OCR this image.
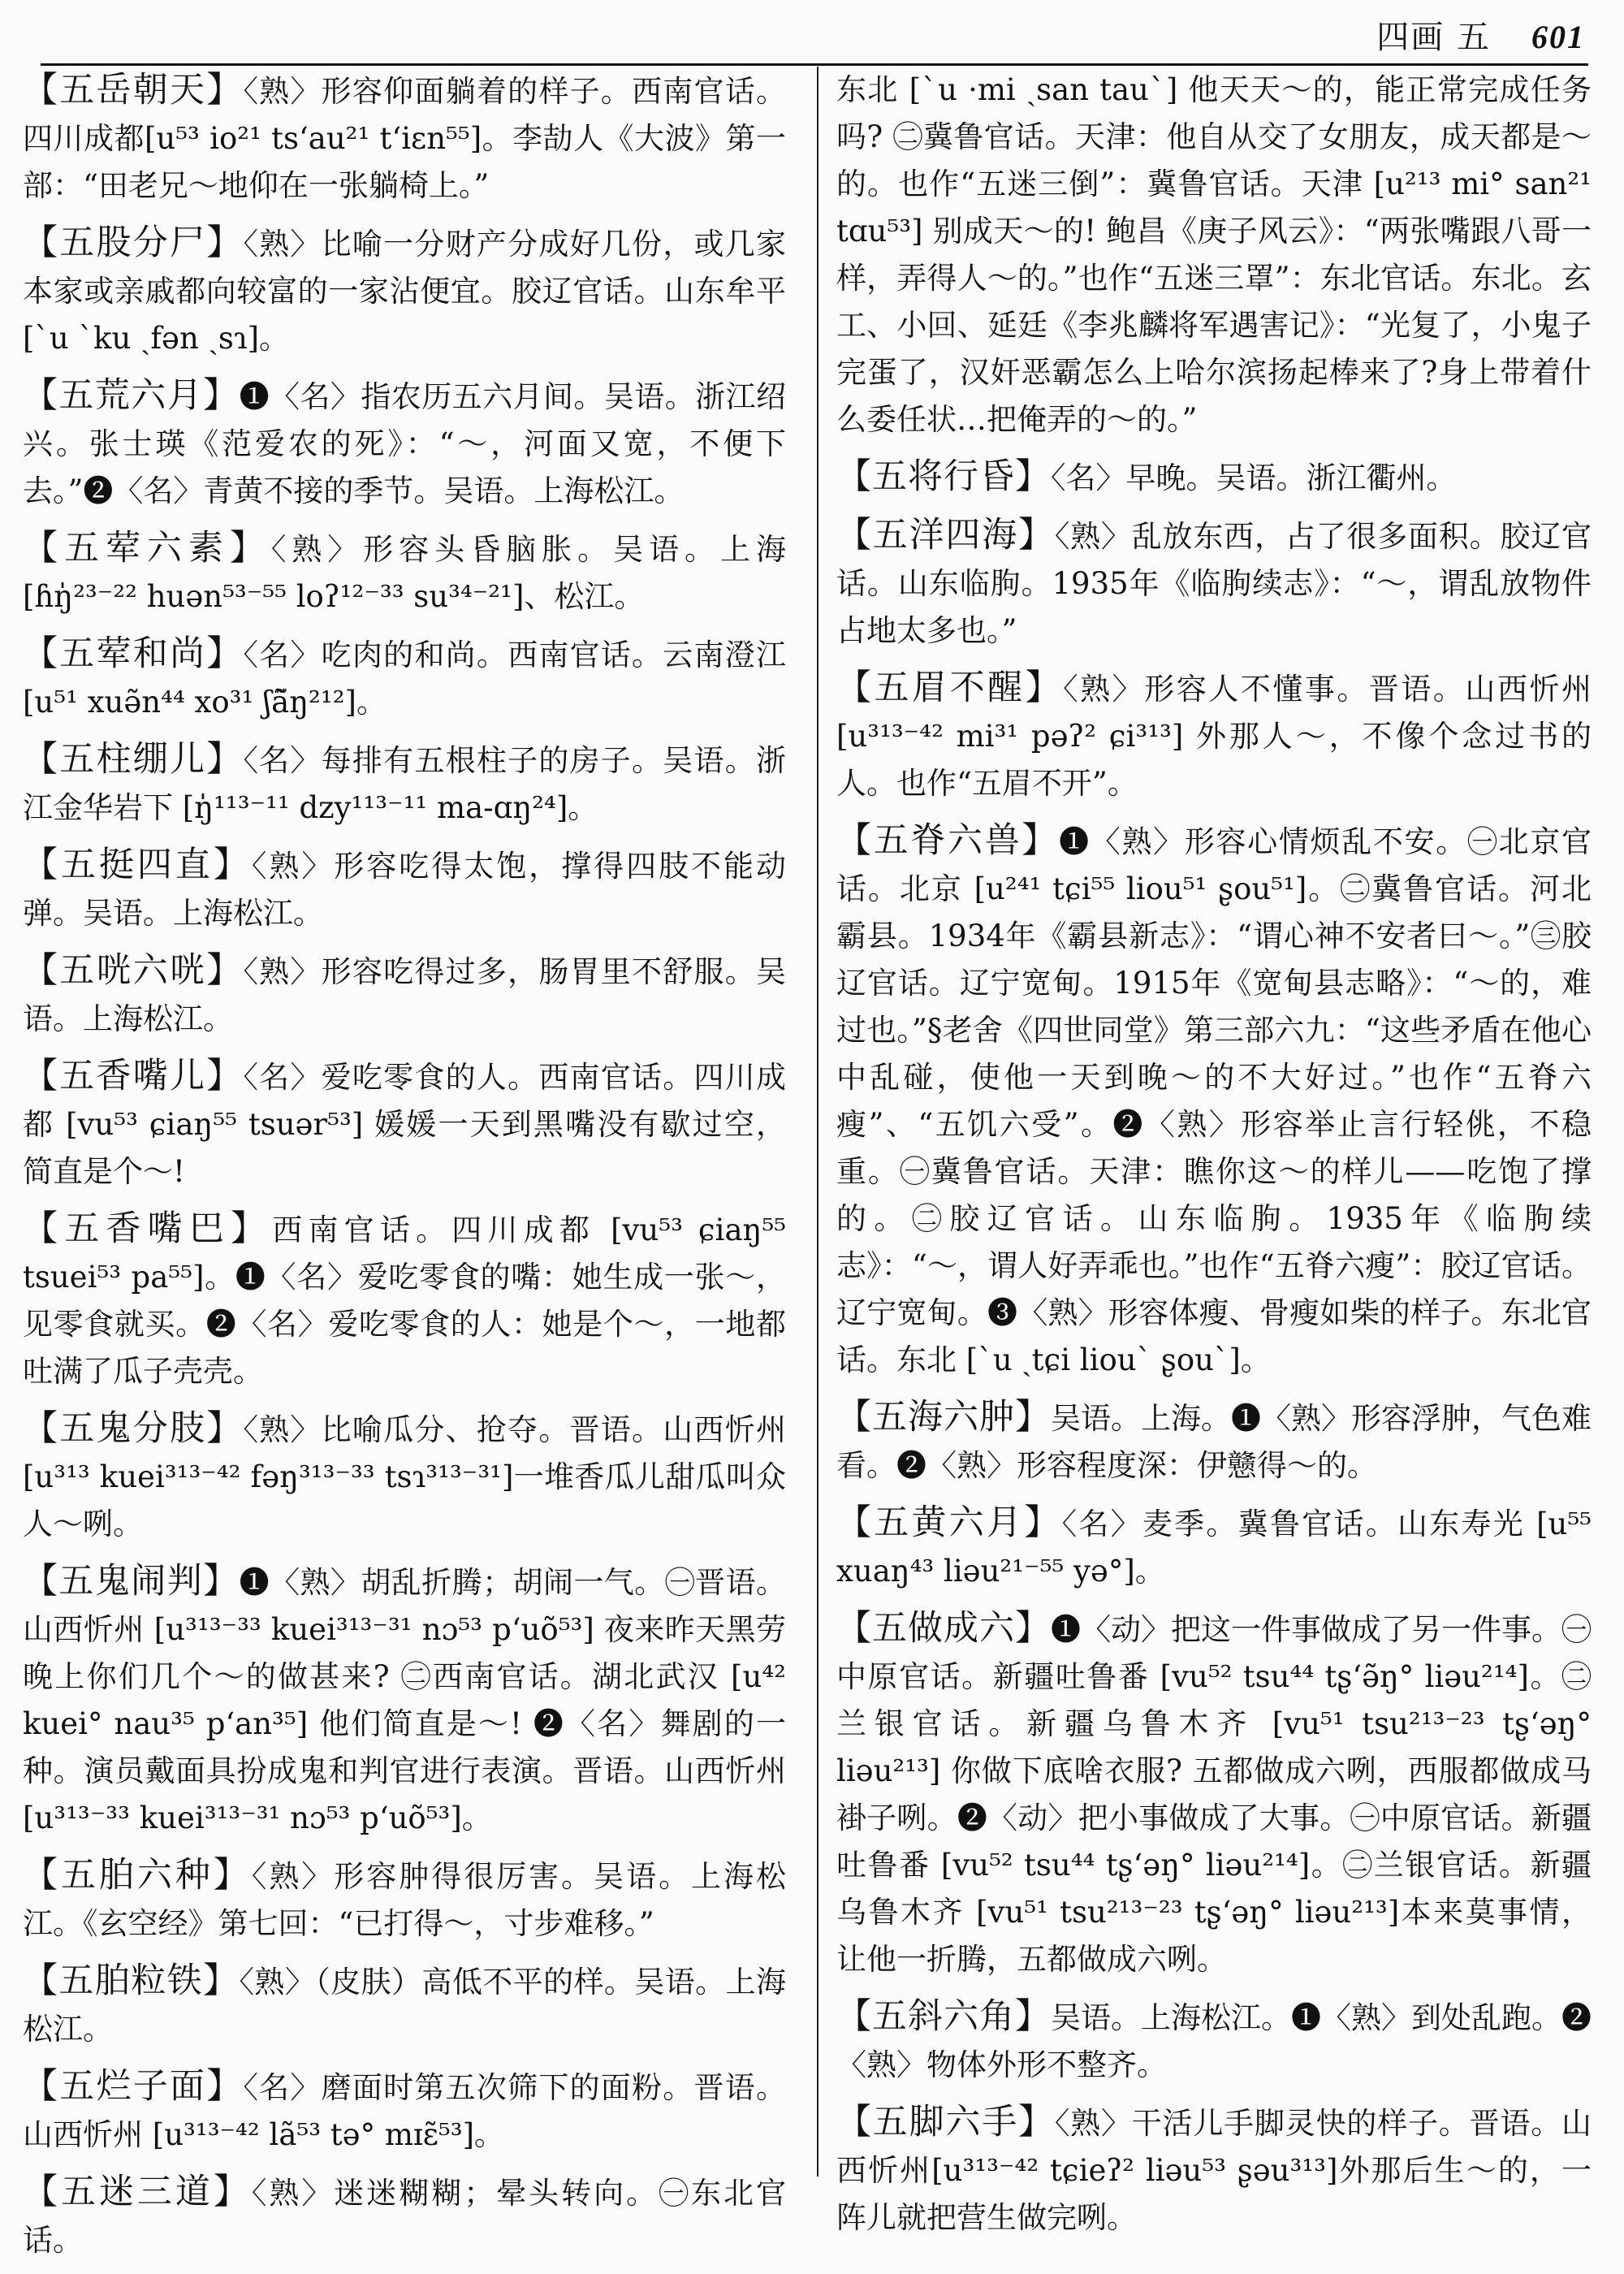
四画 五 601
【五岳朝天】〈熟〉形容仰面躺着的样子。西南官话。四川成都[u⁵³ io²¹ tsʻau²¹ tʻiɛn⁵⁵]。李劼人《大波》第一部：“田老兄～地仰在一张躺椅上。”
【五股分尸】〈熟〉比喻一分财产分成好几份，或几家本家或亲戚都向较富的一家沾便宜。胶辽官话。山东牟平 [ˋu ˋku ˏfən ˏsɿ]。
【五荒六月】❶〈名〉指农历五六月间。吴语。浙江绍兴。张士瑛《范爱农的死》：“～，河面又宽，不便下去。”❷〈名〉青黄不接的季节。吴语。上海松江。
【五荤六素】〈熟〉形容头昏脑胀。吴语。上海[ɦŋ̍²³⁻²² huən⁵³⁻⁵⁵ loʔ¹²⁻³³ su³⁴⁻²¹]、松江。
【五荤和尚】〈名〉吃肉的和尚。西南官话。云南澄江 [u⁵¹ xuə̃n⁴⁴ xo³¹ ʃã̃ŋ²¹²]。
【五柱绷儿】〈名〉每排有五根柱子的房子。吴语。浙江金华岩下 [ŋ̍¹¹³⁻¹¹ dzy¹¹³⁻¹¹ ma-ɑŋ²⁴]。
【五挺四直】〈熟〉形容吃得太饱，撑得四肢不能动弹。吴语。上海松江。
【五咣六咣】〈熟〉形容吃得过多，肠胃里不舒服。吴语。上海松江。
【五香嘴儿】〈名〉爱吃零食的人。西南官话。四川成都 [vu⁵³ ɕiaŋ⁵⁵ tsuər⁵³] 媛媛一天到黑嘴没有歇过空，简直是个～!
【五香嘴巴】西南官话。四川成都 [vu⁵³ ɕiaŋ⁵⁵ tsuei⁵³ pa⁵⁵]。❶〈名〉爱吃零食的嘴：她生成一张～，见零食就买。❷〈名〉爱吃零食的人：她是个～，一地都吐满了瓜子壳壳。
【五鬼分肢】〈熟〉比喻瓜分、抢夺。晋语。山西忻州 [u³¹³ kuei³¹³⁻⁴² fəŋ³¹³⁻³³ tsɿ³¹³⁻³¹]一堆香瓜儿甜瓜叫众人～咧。
【五鬼闹判】❶〈熟〉胡乱折腾；胡闹一气。㊀晋语。山西忻州 [u³¹³⁻³³ kuei³¹³⁻³¹ nɔ⁵³ pʻuõ⁵³] 夜来昨天黑劳晚上你们几个～的做甚来? ㊁西南官话。湖北武汉 [u⁴² kuei° nau³⁵ pʻan³⁵] 他们简直是～! ❷〈名〉舞剧的一种。演员戴面具扮成鬼和判官进行表演。晋语。山西忻州 [u³¹³⁻³³ kuei³¹³⁻³¹ nɔ⁵³ pʻuõ⁵³]。
【五胉六种】〈熟〉形容肿得很厉害。吴语。上海松江。《玄空经》第七回：“已打得～，寸步难移。”
【五胉粒铁】〈熟〉（皮肤）高低不平的样。吴语。上海松江。
【五烂子面】〈名〉磨面时第五次筛下的面粉。晋语。山西忻州 [u³¹³⁻⁴² lã⁵³ tə° mɪɛ̃⁵³]。
【五迷三道】〈熟〉迷迷糊糊；晕头转向。㊀东北官话。
东北 [ˋu ·mi ˏsan tauˋ] 他天天～的，能正常完成任务吗? ㊁冀鲁官话。天津：他自从交了女朋友，成天都是～的。也作“五迷三倒”：冀鲁官话。天津 [u²¹³ mi° san²¹ tɑu⁵³] 别成天～的! 鲍昌《庚子风云》：“两张嘴跟八哥一样，弄得人～的。”也作“五迷三罩”：东北官话。东北。玄工、小回、延廷《李兆麟将军遇害记》：“光复了，小鬼子完蛋了，汉奸恶霸怎么上哈尔滨扬起棒来了?身上带着什么委任状…把俺弄的～的。”
【五将行昏】〈名〉早晚。吴语。浙江衢州。
【五洋四海】〈熟〉乱放东西，占了很多面积。胶辽官话。山东临朐。1935年《临朐续志》：“～，谓乱放物件占地太多也。”
【五眉不醒】〈熟〉形容人不懂事。晋语。山西忻州 [u³¹³⁻⁴² mi³¹ pəʔ² ɕi³¹³] 外那人～，不像个念过书的人。也作“五眉不开”。
【五脊六兽】❶〈熟〉形容心情烦乱不安。㊀北京官话。北京 [u²⁴¹ tɕi⁵⁵ liou⁵¹ ʂou⁵¹]。㊁冀鲁官话。河北霸县。1934年《霸县新志》：“谓心神不安者曰～。”㊂胶辽官话。辽宁宽甸。1915年《宽甸县志略》：“～的，难过也。”§老舍《四世同堂》第三部六九：“这些矛盾在他心中乱碰，使他一天到晚～的不大好过。”也作“五脊六瘦”、“五饥六受”。❷〈熟〉形容举止言行轻佻，不稳重。㊀冀鲁官话。天津：瞧你这～的样儿——吃饱了撑的。㊁胶辽官话。山东临朐。1935年《临朐续志》：“～，谓人好弄乖也。”也作“五脊六瘦”：胶辽官话。辽宁宽甸。❸〈熟〉形容体瘦、骨瘦如柴的样子。东北官话。东北 [ˋu ˏtɕi liouˋ ʂouˋ]。
【五海六肿】吴语。上海。❶〈熟〉形容浮肿，气色难看。❷〈熟〉形容程度深：伊戆得～的。
【五黄六月】〈名〉麦季。冀鲁官话。山东寿光 [u⁵⁵ xuaŋ⁴³ liəu²¹⁻⁵⁵ yə°]。
【五做成六】❶〈动〉把这一件事做成了另一件事。㊀中原官话。新疆吐鲁番 [vu⁵² tsu⁴⁴ tʂʻə̃ŋ° liəu²¹⁴]。㊁兰银官话。新疆乌鲁木齐 [vu⁵¹ tsu²¹³⁻²³ tʂʻəŋ° liəu²¹³] 你做下底啥衣服? 五都做成六咧，西服都做成马褂子咧。❷〈动〉把小事做成了大事。㊀中原官话。新疆吐鲁番 [vu⁵² tsu⁴⁴ tʂʻəŋ° liəu²¹⁴]。㊁兰银官话。新疆乌鲁木齐 [vu⁵¹ tsu²¹³⁻²³ tʂʻəŋ° liəu²¹³]本来莫事情，让他一折腾，五都做成六咧。
【五斜六角】吴语。上海松江。❶〈熟〉到处乱跑。❷〈熟〉物体外形不整齐。
【五脚六手】〈熟〉干活儿手脚灵快的样子。晋语。山西忻州[u³¹³⁻⁴² tɕieʔ² liəu⁵³ ʂəu³¹³]外那后生～的，一阵儿就把营生做完咧。
